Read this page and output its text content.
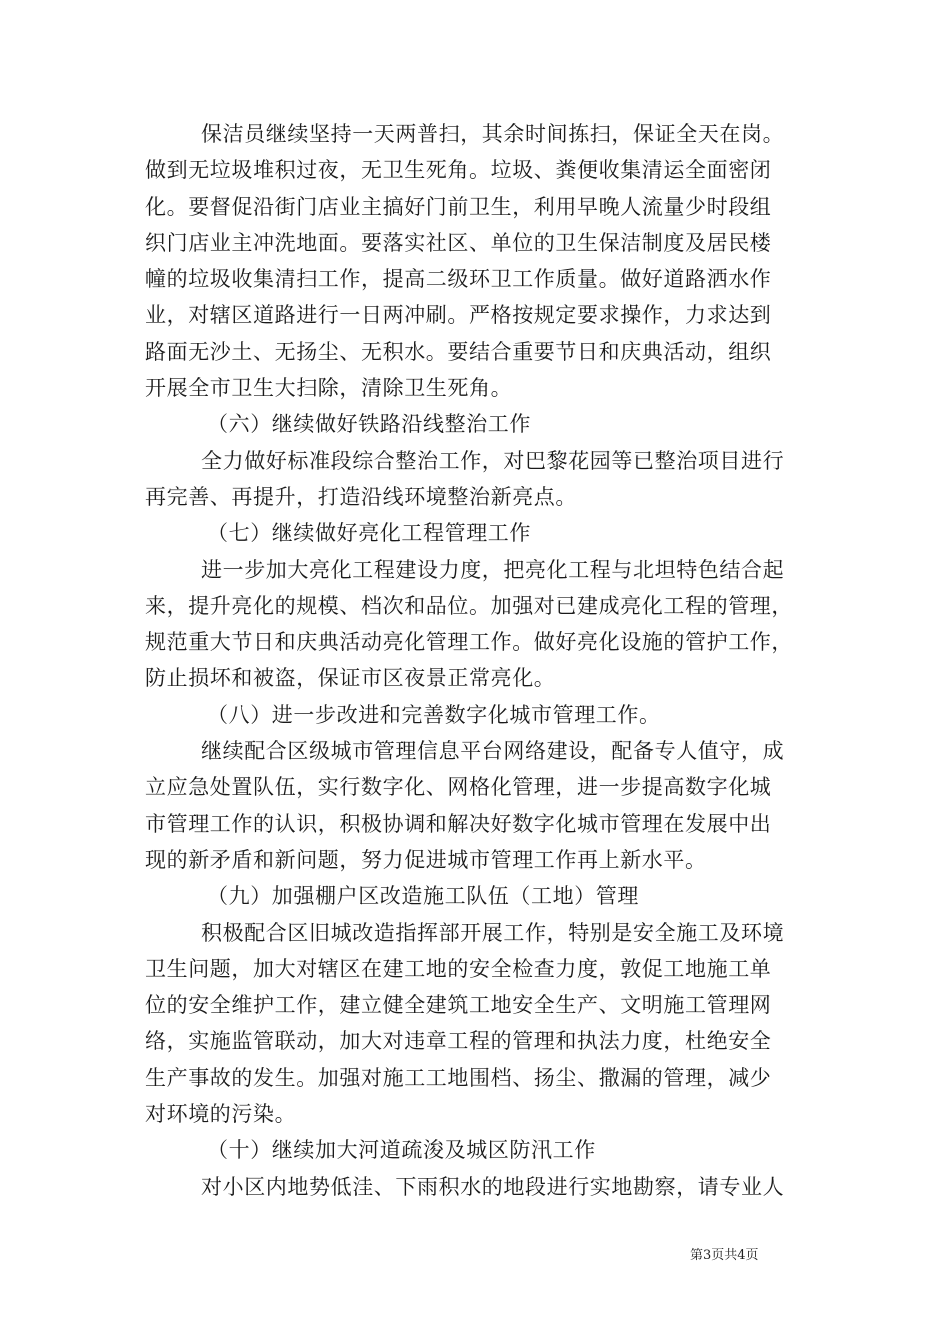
保洁员继续坚持一天两普扫，其余时间拣扫，保证全天在岗。
做到无垃圾堆积过夜，无卫生死角。垃圾、粪便收集清运全面密闭
化。要督促沿街门店业主搞好门前卫生，利用早晚人流量少时段组
织门店业主冲洗地面。要落实社区、单位的卫生保洁制度及居民楼
幢的垃圾收集清扫工作，提高二级环卫工作质量。做好道路洒水作
业，对辖区道路进行一日两冲刷。严格按规定要求操作，力求达到
路面无沙土、无扬尘、无积水。要结合重要节日和庆典活动，组织
开展全市卫生大扫除，清除卫生死角。
（六）继续做好铁路沿线整治工作
全力做好标准段综合整治工作，对巴黎花园等已整治项目进行
再完善、再提升，打造沿线环境整治新亮点。
（七）继续做好亮化工程管理工作
进一步加大亮化工程建设力度，把亮化工程与北坦特色结合起
来，提升亮化的规模、档次和品位。加强对已建成亮化工程的管理，
规范重大节日和庆典活动亮化管理工作。做好亮化设施的管护工作，
防止损坏和被盗，保证市区夜景正常亮化。
（八）进一步改进和完善数字化城市管理工作。
继续配合区级城市管理信息平台网络建设，配备专人值守，成
立应急处置队伍，实行数字化、网格化管理，进一步提高数字化城
市管理工作的认识，积极协调和解决好数字化城市管理在发展中出
现的新矛盾和新问题，努力促进城市管理工作再上新水平。
（九）加强棚户区改造施工队伍（工地）管理
积极配合区旧城改造指挥部开展工作，特别是安全施工及环境
卫生问题，加大对辖区在建工地的安全检查力度，敦促工地施工单
位的安全维护工作，建立健全建筑工地安全生产、文明施工管理网
络，实施监管联动，加大对违章工程的管理和执法力度，杜绝安全
生产事故的发生。加强对施工工地围档、扬尘、撒漏的管理，减少
对环境的污染。
（十）继续加大河道疏浚及城区防汛工作
对小区内地势低洼、下雨积水的地段进行实地勘察，请专业人
第3页共4页
